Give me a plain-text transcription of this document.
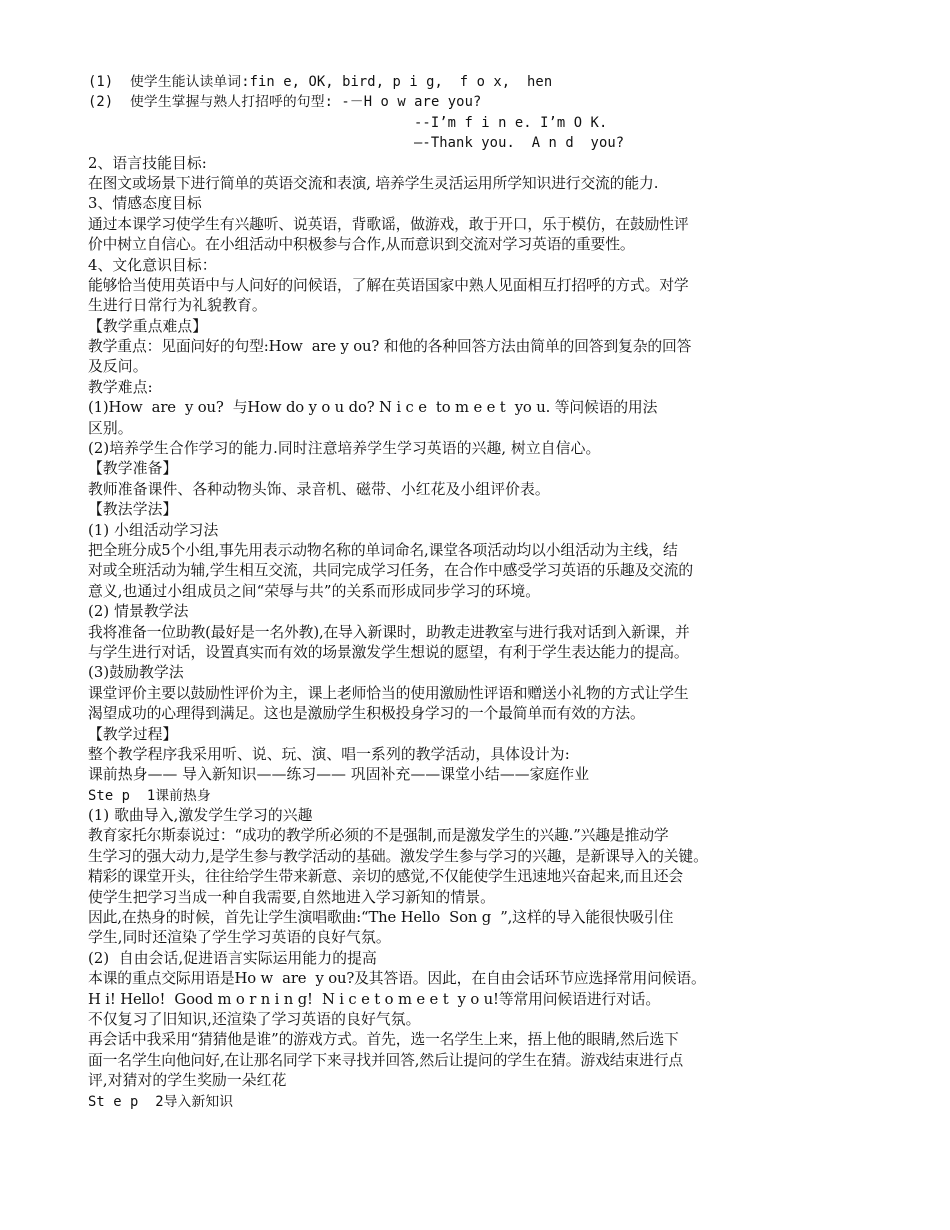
(1)  使学生能认读单词:fin e, OK, bird, p i g,  f o x,  hen
(2)  使学生掌握与熟人打招呼的句型: -－H o w are you?
--I’m f i n e. I’m O K.
—-Thank you.  A n d  you?
2、语言技能目标:
在图文或场景下进行简单的英语交流和表演, 培养学生灵活运用所学知识进行交流的能力.
3、情感态度目标
通过本课学习使学生有兴趣听、说英语，背歌谣，做游戏，敢于开口，乐于模仿，在鼓励性评
价中树立自信心。在小组活动中积极参与合作,从而意识到交流对学习英语的重要性。
4、文化意识目标：
能够恰当使用英语中与人问好的问候语，了解在英语国家中熟人见面相互打招呼的方式。对学
生进行日常行为礼貌教育。
【教学重点难点】
教学重点：见面问好的句型:How  are y ou? 和他的各种回答方法由简单的回答到复杂的回答
及反问。
教学难点:
(1)How  are  y ou?  与How do y o u do? N i c e  to m e e t  yo u. 等问候语的用法
区别。
(2)培养学生合作学习的能力.同时注意培养学生学习英语的兴趣, 树立自信心。
【教学准备】
教师准备课件、各种动物头饰、录音机、磁带、小红花及小组评价表。
【教法学法】
(1) 小组活动学习法
把全班分成5个小组,事先用表示动物名称的单词命名,课堂各项活动均以小组活动为主线，结
对或全班活动为辅,学生相互交流，共同完成学习任务，在合作中感受学习英语的乐趣及交流的
意义,也通过小组成员之间“荣辱与共”的关系而形成同步学习的环境。
(2) 情景教学法
我将准备一位助教(最好是一名外教),在导入新课时，助教走进教室与进行我对话到入新课，并
与学生进行对话，设置真实而有效的场景激发学生想说的愿望，有利于学生表达能力的提高。
(3)鼓励教学法
课堂评价主要以鼓励性评价为主，课上老师恰当的使用激励性评语和赠送小礼物的方式让学生
渴望成功的心理得到满足。这也是激励学生积极投身学习的一个最简单而有效的方法。
【教学过程】
整个教学程序我采用听、说、玩、演、唱一系列的教学活动，具体设计为:
课前热身—— 导入新知识——练习—— 巩固补充——课堂小结——家庭作业
Ste p  1课前热身
(1) 歌曲导入,激发学生学习的兴趣
教育家托尔斯泰说过：“成功的教学所必须的不是强制,而是激发学生的兴趣.”兴趣是推动学
生学习的强大动力,是学生参与教学活动的基础。激发学生参与学习的兴趣，是新课导入的关键。
精彩的课堂开头，往往给学生带来新意、亲切的感觉,不仅能使学生迅速地兴奋起来,而且还会
使学生把学习当成一种自我需要,自然地进入学习新知的情景。
因此,在热身的时候，首先让学生演唱歌曲:“The Hello  Son g  ”,这样的导入能很快吸引住
学生,同时还渲染了学生学习英语的良好气氛。
(2)  自由会话,促进语言实际运用能力的提高
本课的重点交际用语是Ho w  are  y ou?及其答语。因此，在自由会话环节应选择常用问候语。
H i! Hello!  Good m o r n i n g!  N i c e t o m e e t  y o u!等常用问候语进行对话。
不仅复习了旧知识,还渲染了学习英语的良好气氛。
再会话中我采用“猜猜他是谁”的游戏方式。首先，选一名学生上来，捂上他的眼睛,然后选下
面一名学生向他问好,在让那名同学下来寻找并回答,然后让提问的学生在猜。游戏结束进行点
评,对猜对的学生奖励一朵红花
St e p  2导入新知识
